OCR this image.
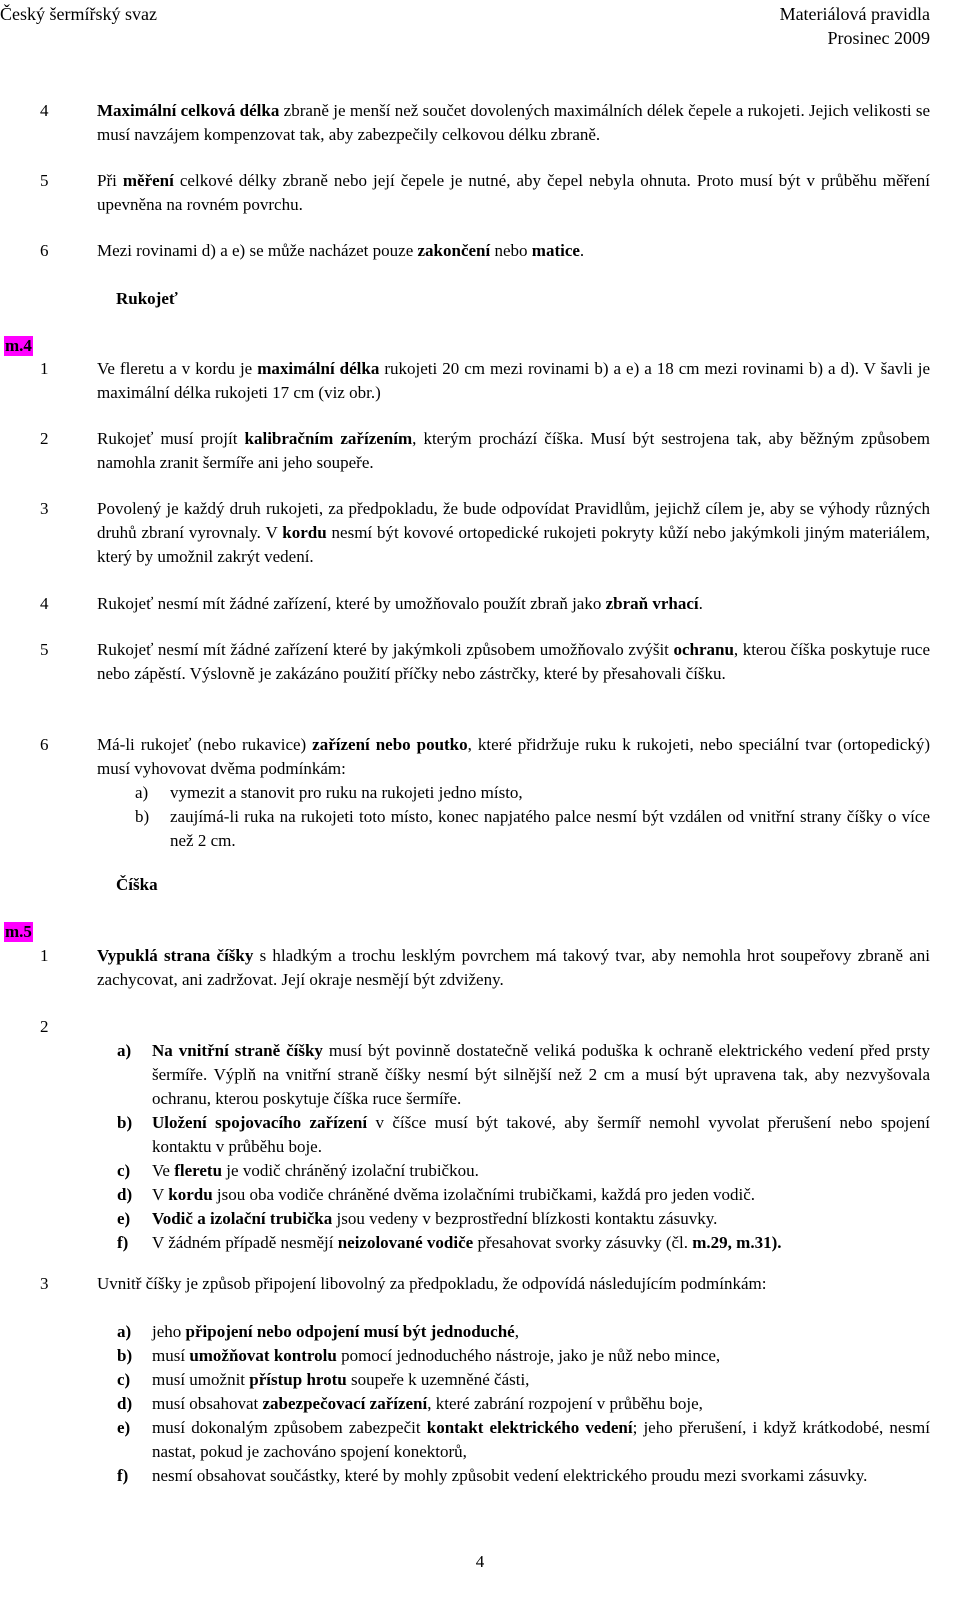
Český šermířský svaz	Materiálová pravidla
Prosinec 2009
4	Maximální celková délka zbraně je menší než součet dovolených maximálních délek čepele a rukojeti. Jejich velikosti se musí navzájem kompenzovat tak, aby zabezpečily celkovou délku zbraně.
5	Při měření celkové délky zbraně nebo její čepele je nutné, aby čepel nebyla ohnuta. Proto musí být v průběhu měření upevněna na rovném povrchu.
6	Mezi rovinami d) a e) se může nacházet pouze zakončení nebo matice.
Rukojeť
m.4
1	Ve fleretu a v kordu je maximální délka rukojeti 20 cm mezi rovinami b) a e) a 18 cm mezi rovinami b) a d). V šavli je maximální délka rukojeti 17 cm (viz obr.)
2	Rukojeť musí projít kalibračním zařízením, kterým prochází číška. Musí být sestrojena tak, aby běžným způsobem namohla zranit šermíře ani jeho soupeře.
3	Povolený je každý druh rukojeti, za předpokladu, že bude odpovídat Pravidlům, jejichž cílem je, aby se výhody různých druhů zbraní vyrovnaly. V kordu nesmí být kovové ortopedické rukojeti pokryty kůží nebo jakýmkoli jiným materiálem, který by umožnil zakrýt vedení.
4	Rukojeť nesmí mít žádné zařízení, které by umožňovalo použít zbraň jako zbraň vrhací.
5	Rukojeť nesmí mít žádné zařízení které by jakýmkoli způsobem umožňovalo zvýšit ochranu, kterou číška poskytuje ruce nebo zápěstí. Výslovně je zakázáno použití příčky nebo zástrčky, které by přesahovali číšku.
6	Má-li rukojeť (nebo rukavice) zařízení nebo poutko, které přidržuje ruku k rukojeti, nebo speciální tvar (ortopedický) musí vyhovovat dvěma podmínkám:
a) vymezit a stanovit pro ruku na rukojeti jedno místo,
b) zaujímá-li ruka na rukojeti toto místo, konec napjatého palce nesmí být vzdálen od vnitřní strany číšky o více než 2 cm.
Číška
m.5
1	Vypuklá strana číšky s hladkým a trochu lesklým povrchem má takový tvar, aby nemohla hrot soupeřovy zbraně ani zachycovat, ani zadržovat. Její okraje nesmějí být zdviženy.
2
a) Na vnitřní straně číšky musí být povinně dostatečně veliká poduška k ochraně elektrického vedení před prsty šermíře. Výplň na vnitřní straně číšky nesmí být silnější než 2 cm a musí být upravena tak, aby nezvyšovala ochranu, kterou poskytuje číška ruce šermíře.
b) Uložení spojovacího zařízení v číšce musí být takové, aby šermíř nemohl vyvolat přerušení nebo spojení kontaktu v průběhu boje.
c) Ve fleretu je vodič chráněný izolační trubičkou.
d) V kordu jsou oba vodiče chráněné dvěma izolačními trubičkami, každá pro jeden vodič.
e) Vodič a izolační trubička jsou vedeny v bezprostřední blízkosti kontaktu zásuvky.
f) V žádném případě nesmějí neizolované vodiče přesahovat svorky zásuvky (čl. m.29, m.31).
3	Uvnitř číšky je způsob připojení libovolný za předpokladu, že odpovídá následujícím podmínkám:
a) jeho připojení nebo odpojení musí být jednoduché,
b) musí umožňovat kontrolu pomocí jednoduchého nástroje, jako je nůž nebo mince,
c) musí umožnit přístup hrotu soupeře k uzemněné části,
d) musí obsahovat zabezpečovací zařízení, které zabrání rozpojení v průběhu boje,
e) musí dokonalým způsobem zabezpečit kontakt elektrického vedení; jeho přerušení, i když krátkodobé, nesmí nastat, pokud je zachováno spojení konektorů,
f) nesmí obsahovat součástky, které by mohly způsobit vedení elektrického proudu mezi svorkami zásuvky.
4
